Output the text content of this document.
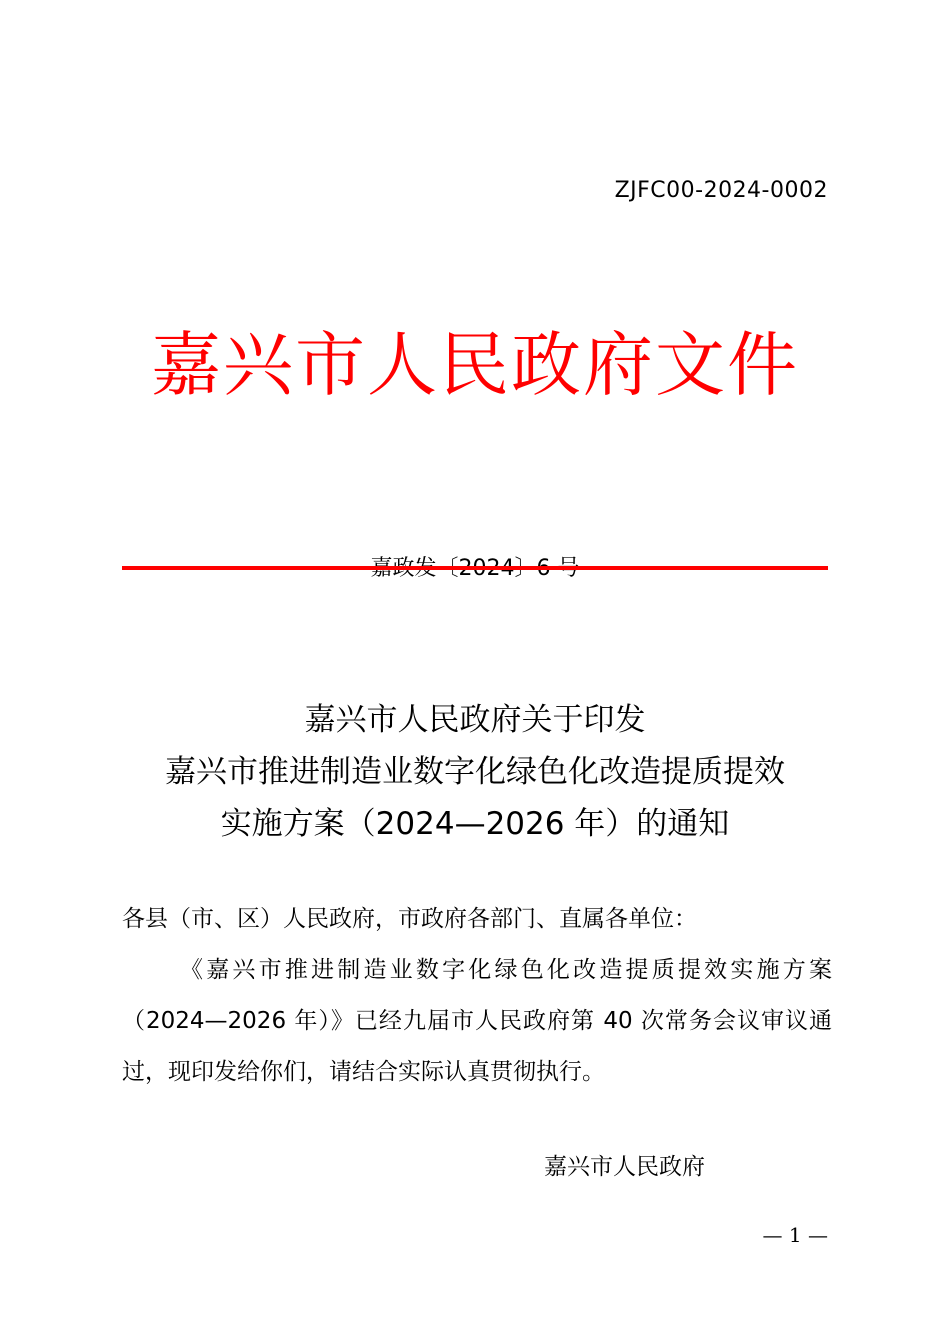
ZJFC00-2024-0002
嘉兴市人民政府文件
嘉兴市人民政府关于印发
嘉兴市推进制造业数字化绿色化改造提质提效
实施方案（2024—2026 年）的通知
各县（市、区）人民政府，市政府各部门、直属各单位：
《嘉兴市推进制造业数字化绿色化改造提质提效实施方案（2024—2026 年）》已经九届市人民政府第 40 次常务会议审议通过，现印发给你们，请结合实际认真贯彻执行。
嘉兴市人民政府
— 1 —
